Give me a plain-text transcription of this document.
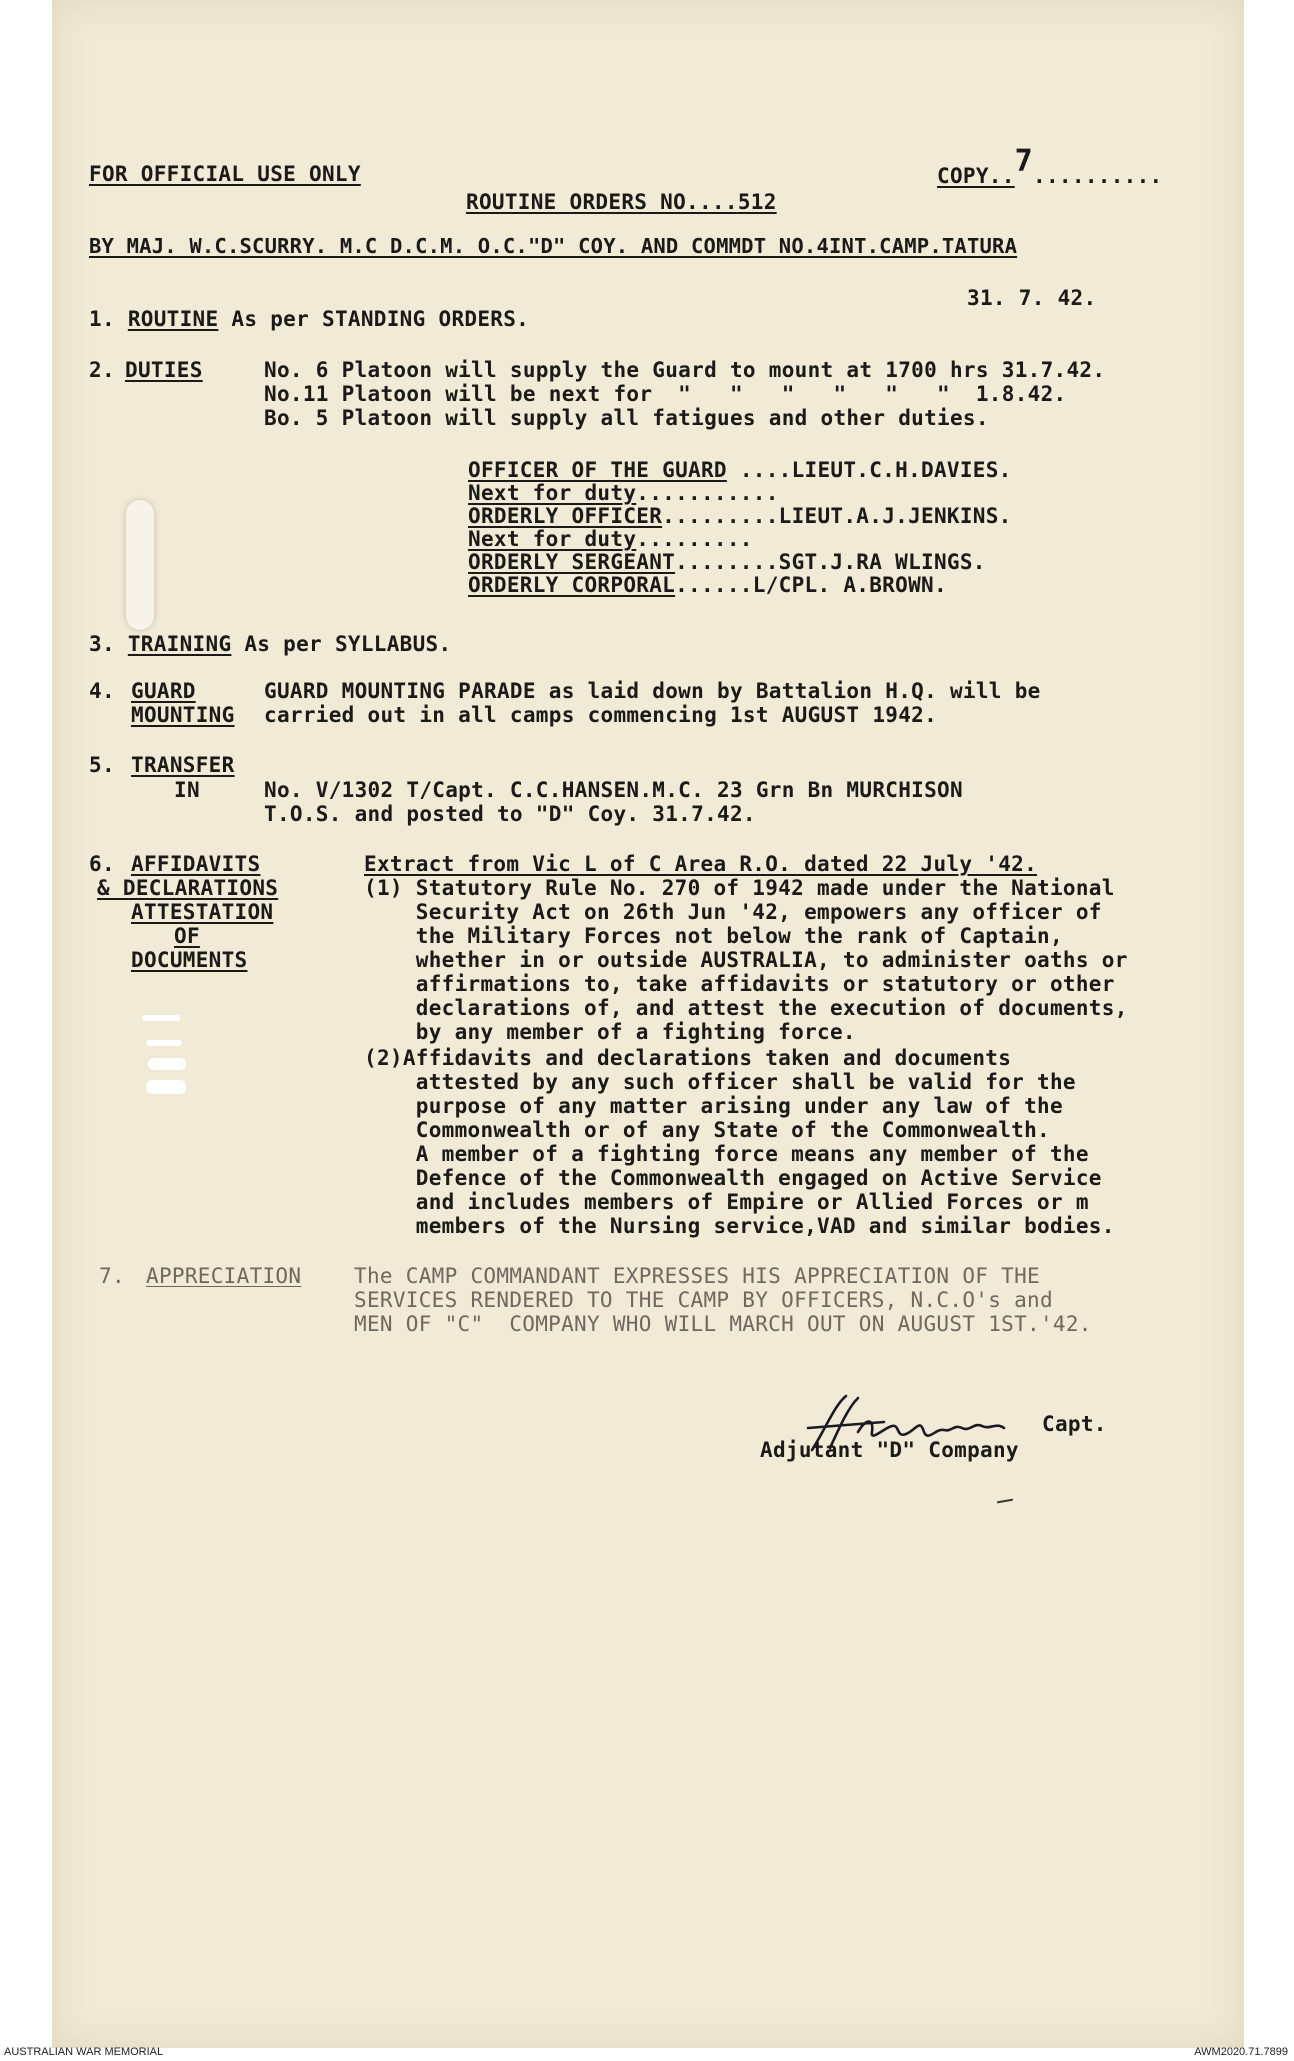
FOR OFFICIAL USE ONLY	COPY..7..........
ROUTINE ORDERS NO....512
BY MAJ. W.C.SCURRY. M.C D.C.M. O.C."D" COY. AND COMMDT NO.4INT.CAMP.TATURA
31. 7. 42.
1. ROUTINE As per STANDING ORDERS.
2. DUTIES	No. 6 Platoon will supply the Guard to mount at 1700 hrs 31.7.42.
No.11 Platoon will be next for  "   "   "   "   "   "  1.8.42.
Bo. 5 Platoon will supply all fatigues and other duties.
OFFICER OF THE GUARD ....LIEUT.C.H.DAVIES.
Next for duty...........
ORDERLY OFFICER.........LIEUT.A.J.JENKINS.
Next for duty.........
ORDERLY SERGEANT........SGT.J.RA WLINGS.
ORDERLY CORPORAL......L/CPL. A.BROWN.
3. TRAINING As per SYLLABUS.
4. GUARD
MOUNTING
GUARD MOUNTING PARADE as laid down by Battalion H.Q. will be
carried out in all camps commencing 1st AUGUST 1942.
5. TRANSFER
IN	No. V/1302 T/Capt. C.C.HANSEN.M.C. 23 Grn Bn MURCHISON
T.O.S. and posted to "D" Coy. 31.7.42.
6. AFFIDAVITS
& DECLARATIONS
ATTESTATION
OF
DOCUMENTS
Extract from Vic L of C Area R.O. dated 22 July '42.
(1) Statutory Rule No. 270 of 1942 made under the National
Security Act on 26th Jun '42, empowers any officer of
the Military Forces not below the rank of Captain,
whether in or outside AUSTRALIA, to administer oaths or
affirmations to, take affidavits or statutory or other
declarations of, and attest the execution of documents,
by any member of a fighting force.
(2)Affidavits and declarations taken and documents
attested by any such officer shall be valid for the
purpose of any matter arising under any law of the
Commonwealth or of any State of the Commonwealth.
A member of a fighting force means any member of the
Defence of the Commonwealth engaged on Active Service
and includes members of Empire or Allied Forces or m
members of the Nursing service,VAD and similar bodies.
7. APPRECIATION	The CAMP COMMANDANT EXPRESSES HIS APPRECIATION OF THE
SERVICES RENDERED TO THE CAMP BY OFFICERS, N.C.O's and
MEN OF "C"  COMPANY WHO WILL MARCH OUT ON AUGUST 1ST.'42.
Capt.
Adjutant "D" Company
AUSTRALIAN WAR MEMORIAL	AWM2020.71.7899
